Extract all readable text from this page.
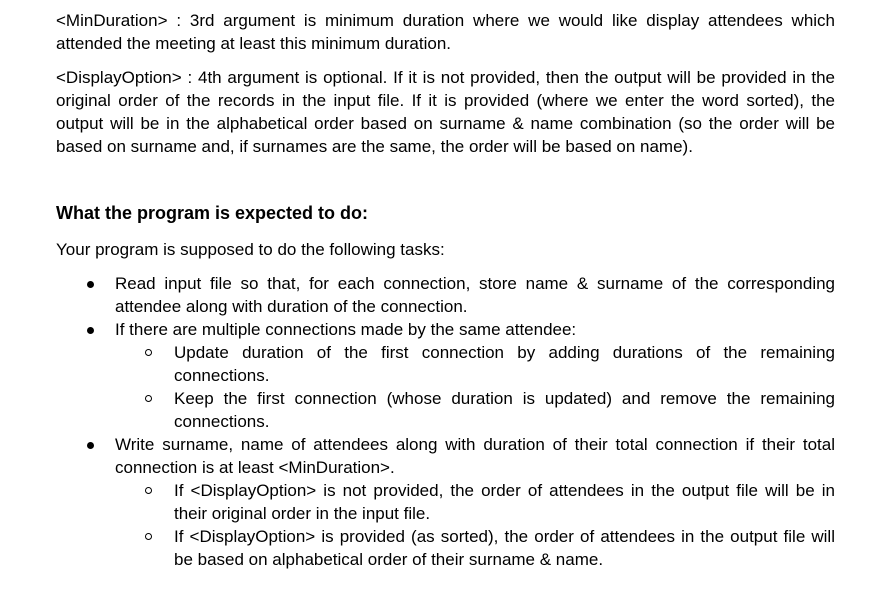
<MinDuration> : 3rd argument is minimum duration where we would like display attendees which attended the meeting at least this minimum duration.

<DisplayOption> : 4th argument is optional. If it is not provided, then the output will be provided in the original order of the records in the input file. If it is provided (where we enter the word sorted), the output will be in the alphabetical order based on surname & name combination (so the order will be based on surname and, if surnames are the same, the order will be based on name).

What the program is expected to do:

Your program is supposed to do the following tasks:

Read input file so that, for each connection, store name & surname of the corresponding attendee along with duration of the connection.
If there are multiple connections made by the same attendee:
Update duration of the first connection by adding durations of the remaining connections.
Keep the first connection (whose duration is updated) and remove the remaining connections.
Write surname, name of attendees along with duration of their total connection if their total connection is at least <MinDuration>.
If <DisplayOption> is not provided, the order of attendees in the output file will be in their original order in the input file.
If <DisplayOption> is provided (as sorted), the order of attendees in the output file will be based on alphabetical order of their surname & name.
